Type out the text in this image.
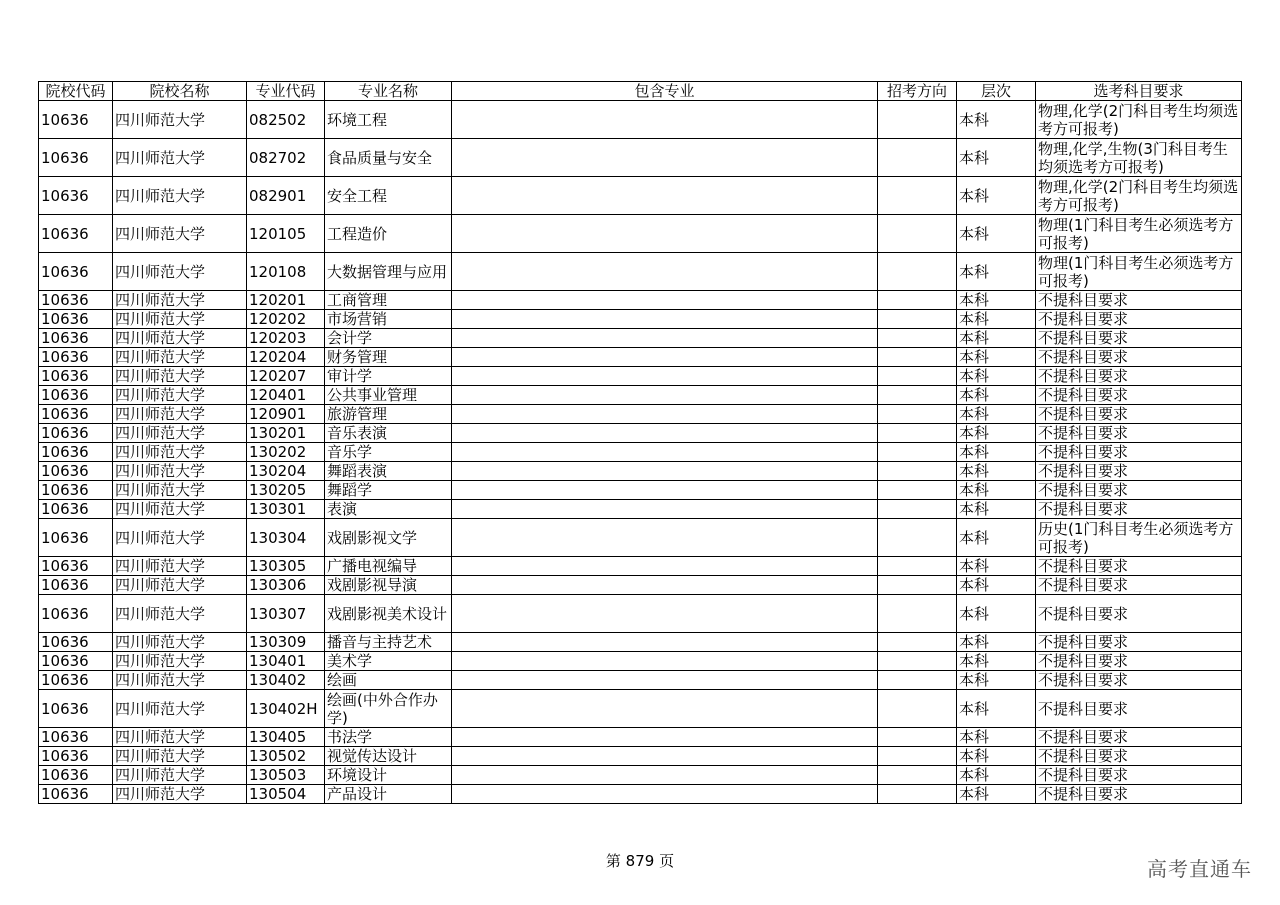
院校代码	院校名称	专业代码	专业名称	包含专业	招考方向	层次	选考科目要求
10636	四川师范大学	082502	环境工程			本科	物理,化学(2门科目考生均须选考方可报考)
10636	四川师范大学	082702	食品质量与安全			本科	物理,化学,生物(3门科目考生均须选考方可报考)
10636	四川师范大学	082901	安全工程			本科	物理,化学(2门科目考生均须选考方可报考)
10636	四川师范大学	120105	工程造价			本科	物理(1门科目考生必须选考方可报考)
10636	四川师范大学	120108	大数据管理与应用			本科	物理(1门科目考生必须选考方可报考)
10636	四川师范大学	120201	工商管理			本科	不提科目要求
10636	四川师范大学	120202	市场营销			本科	不提科目要求
10636	四川师范大学	120203	会计学			本科	不提科目要求
10636	四川师范大学	120204	财务管理			本科	不提科目要求
10636	四川师范大学	120207	审计学			本科	不提科目要求
10636	四川师范大学	120401	公共事业管理			本科	不提科目要求
10636	四川师范大学	120901	旅游管理			本科	不提科目要求
10636	四川师范大学	130201	音乐表演			本科	不提科目要求
10636	四川师范大学	130202	音乐学			本科	不提科目要求
10636	四川师范大学	130204	舞蹈表演			本科	不提科目要求
10636	四川师范大学	130205	舞蹈学			本科	不提科目要求
10636	四川师范大学	130301	表演			本科	不提科目要求
10636	四川师范大学	130304	戏剧影视文学			本科	历史(1门科目考生必须选考方可报考)
10636	四川师范大学	130305	广播电视编导			本科	不提科目要求
10636	四川师范大学	130306	戏剧影视导演			本科	不提科目要求
10636	四川师范大学	130307	戏剧影视美术设计			本科	不提科目要求
10636	四川师范大学	130309	播音与主持艺术			本科	不提科目要求
10636	四川师范大学	130401	美术学			本科	不提科目要求
10636	四川师范大学	130402	绘画			本科	不提科目要求
10636	四川师范大学	130402H	绘画(中外合作办学)			本科	不提科目要求
10636	四川师范大学	130405	书法学			本科	不提科目要求
10636	四川师范大学	130502	视觉传达设计			本科	不提科目要求
10636	四川师范大学	130503	环境设计			本科	不提科目要求
10636	四川师范大学	130504	产品设计			本科	不提科目要求
第 879 页	高考直通车
